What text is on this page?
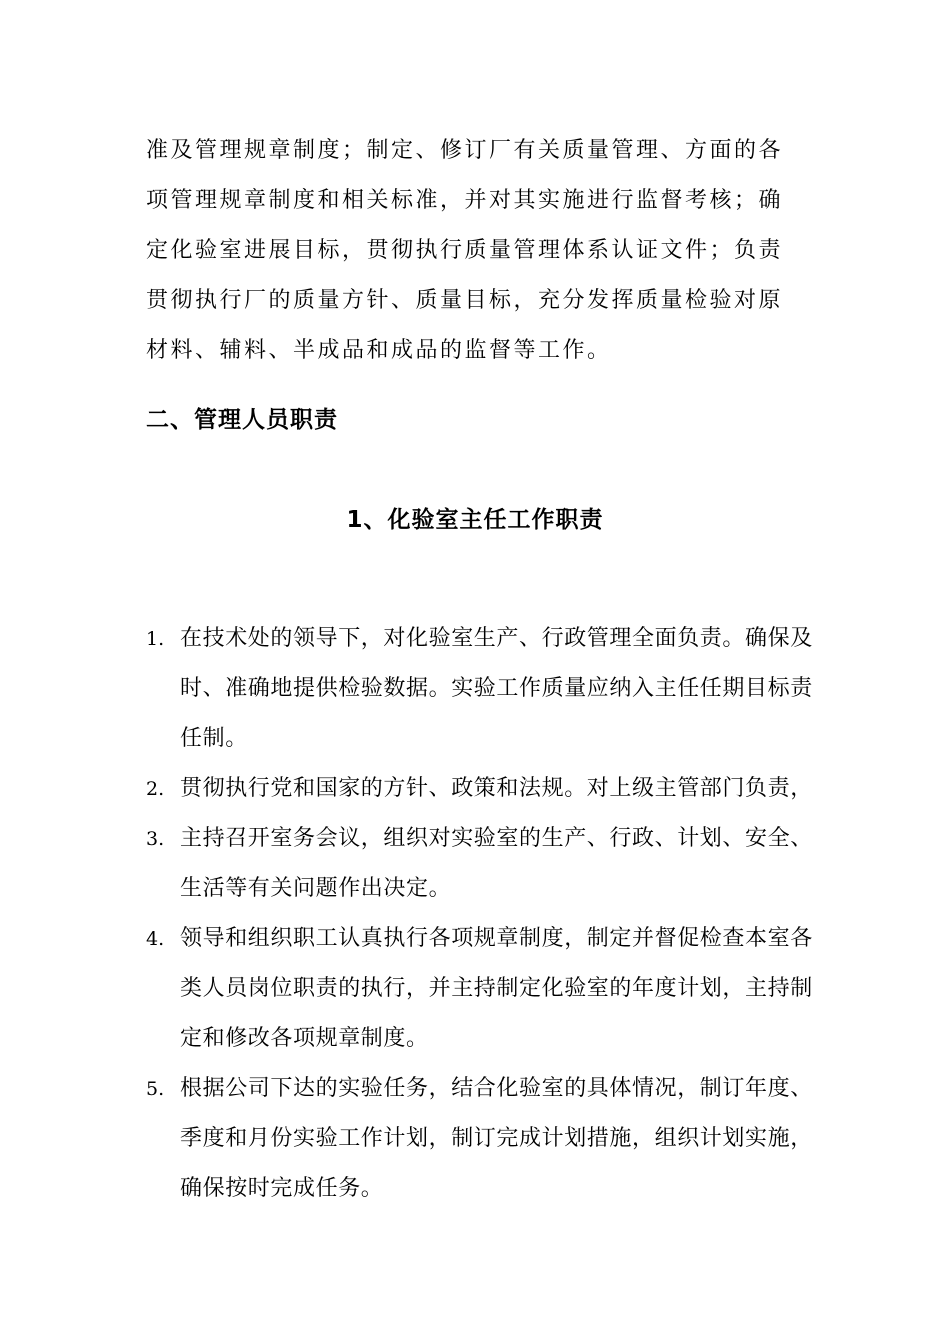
准及管理规章制度；制定、修订厂有关质量管理、方面的各项管理规章制度和相关标准，并对其实施进行监督考核；确定化验室进展目标，贯彻执行质量管理体系认证文件；负责贯彻执行厂的质量方针、质量目标，充分发挥质量检验对原材料、辅料、半成品和成品的监督等工作。

二、管理人员职责
1、化验室主任工作职责
1. 在技术处的领导下，对化验室生产、行政管理全面负责。确保及时、准确地提供检验数据。实验工作质量应纳入主任任期目标责任制。
2. 贯彻执行党和国家的方针、政策和法规。对上级主管部门负责，
3. 主持召开室务会议，组织对实验室的生产、行政、计划、安全、生活等有关问题作出决定。
4. 领导和组织职工认真执行各项规章制度，制定并督促检查本室各类人员岗位职责的执行，并主持制定化验室的年度计划，主持制定和修改各项规章制度。
5. 根据公司下达的实验任务，结合化验室的具体情况，制订年度、季度和月份实验工作计划，制订完成计划措施，组织计划实施，确保按时完成任务。
